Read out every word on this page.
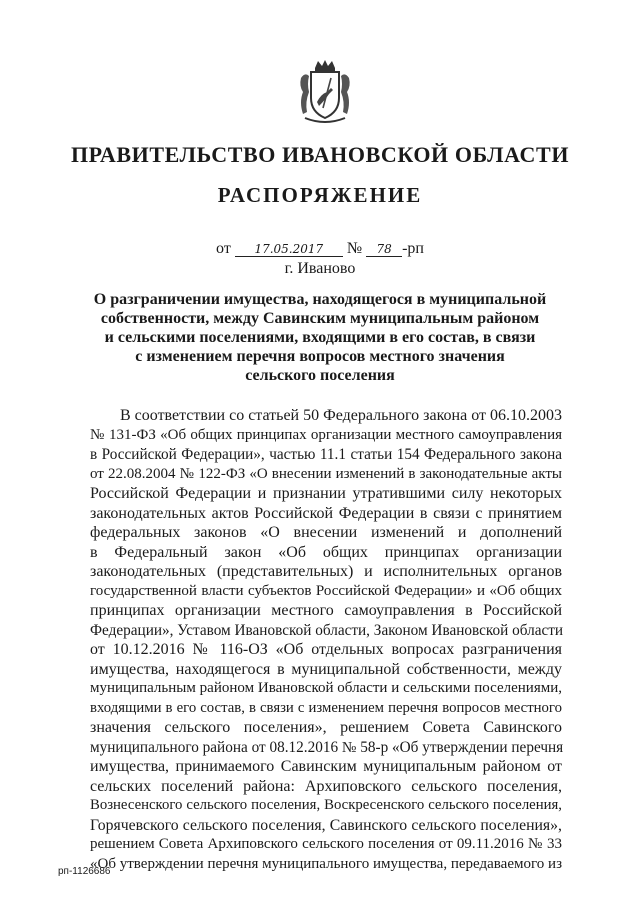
ПРАВИТЕЛЬСТВО ИВАНОВСКОЙ ОБЛАСТИ
РАСПОРЯЖЕНИЕ
от 17.05.2017 № 78 -рп
г. Иваново
О разграничении имущества, находящегося в муниципальной
собственности, между Савинским муниципальным районом
и сельскими поселениями, входящими в его состав, в связи
с изменением перечня вопросов местного значения
сельского поселения
В соответствии со статьей 50 Федерального закона от 06.10.2003
№ 131-ФЗ «Об общих принципах организации местного самоуправления
в Российской Федерации», частью 11.1 статьи 154 Федерального закона
от 22.08.2004 № 122-ФЗ «О внесении изменений в законодательные акты
Российской Федерации и признании утратившими силу некоторых
законодательных актов Российской Федерации в связи с принятием
федеральных законов «О внесении изменений и дополнений
в Федеральный закон «Об общих принципах организации
законодательных (представительных) и исполнительных органов
государственной власти субъектов Российской Федерации» и «Об общих
принципах организации местного самоуправления в Российской
Федерации», Уставом Ивановской области, Законом Ивановской области
от 10.12.2016 № 116-ОЗ «Об отдельных вопросах разграничения
имущества, находящегося в муниципальной собственности, между
муниципальным районом Ивановской области и сельскими поселениями,
входящими в его состав, в связи с изменением перечня вопросов местного
значения сельского поселения», решением Совета Савинского
муниципального района от 08.12.2016 № 58-р «Об утверждении перечня
имущества, принимаемого Савинским муниципальным районом от
сельских поселений района: Архиповского сельского поселения,
Вознесенского сельского поселения, Воскресенского сельского поселения,
Горячевского сельского поселения, Савинского сельского поселения»,
решением Совета Архиповского сельского поселения от 09.11.2016 № 33
«Об утверждении перечня муниципального имущества, передаваемого из
рп-1126686
